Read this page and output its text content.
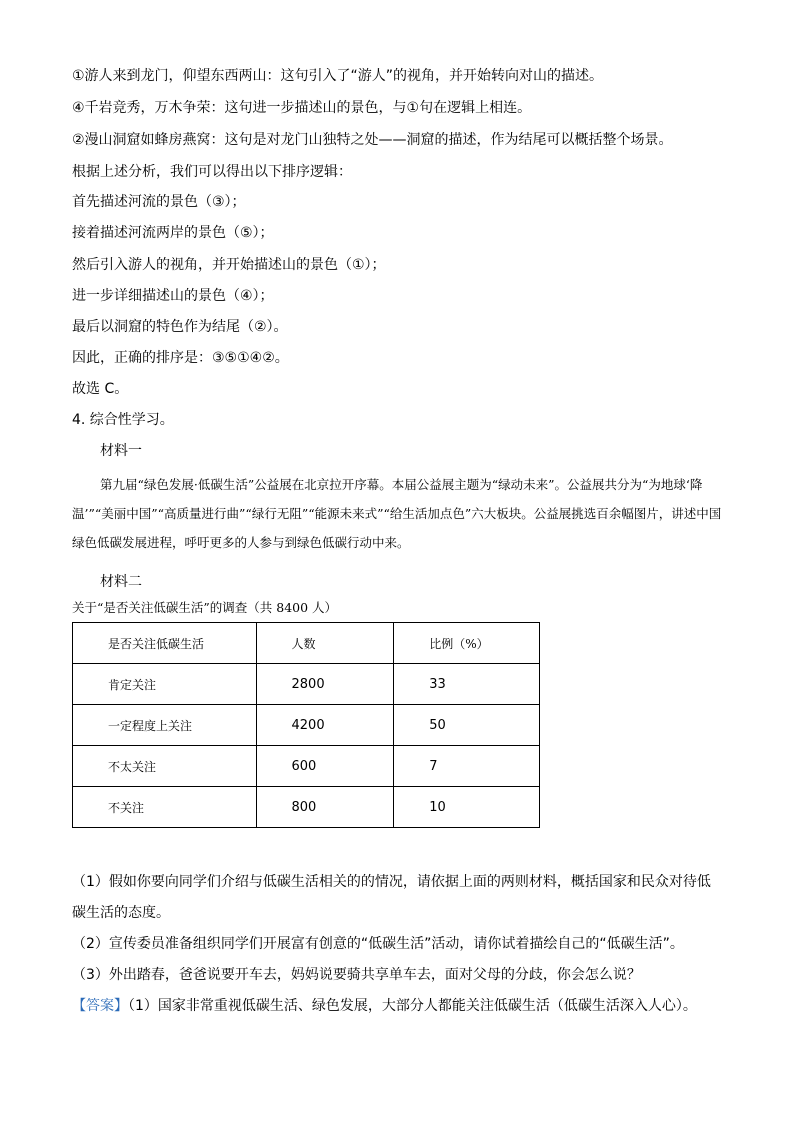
①游人来到龙门，仰望东西两山：这句引入了“游人”的视角，并开始转向对山的描述。
④千岩竞秀，万木争荣：这句进一步描述山的景色，与①句在逻辑上相连。
②漫山洞窟如蜂房燕窝：这句是对龙门山独特之处——洞窟的描述，作为结尾可以概括整个场景。
根据上述分析，我们可以得出以下排序逻辑：
首先描述河流的景色（③）；
接着描述河流两岸的景色（⑤）；
然后引入游人的视角，并开始描述山的景色（①）；
进一步详细描述山的景色（④）；
最后以洞窟的特色作为结尾（②）。
因此，正确的排序是：③⑤①④②。
故选 C。
4. 综合性学习。
材料一

第九届“绿色发展·低碳生活”公益展在北京拉开序幕。本届公益展主题为“绿动未来”。公益展共分为“为地球‘降温’”“美丽中国”“高质量进行曲”“绿行无阻”“能源未来式”“给生活加点色”六大板块。公益展挑选百余幅图片，讲述中国绿色低碳发展进程，呼吁更多的人参与到绿色低碳行动中来。

材料二
关于“是否关注低碳生活”的调查（共 8400 人）
是否关注低碳生活	人数	比例（%）
肯定关注	2800	33
一定程度上关注	4200	50
不太关注	600	7
不关注	800	10
（1）假如你要向同学们介绍与低碳生活相关的的情况，请依据上面的两则材料，概括国家和民众对待低
碳生活的态度。
（2）宣传委员准备组织同学们开展富有创意的“低碳生活”活动，请你试着描绘自己的“低碳生活”。
（3）外出踏春，爸爸说要开车去，妈妈说要骑共享单车去，面对父母的分歧，你会怎么说？
【答案】（1）国家非常重视低碳生活、绿色发展，大部分人都能关注低碳生活（低碳生活深入人心）。
